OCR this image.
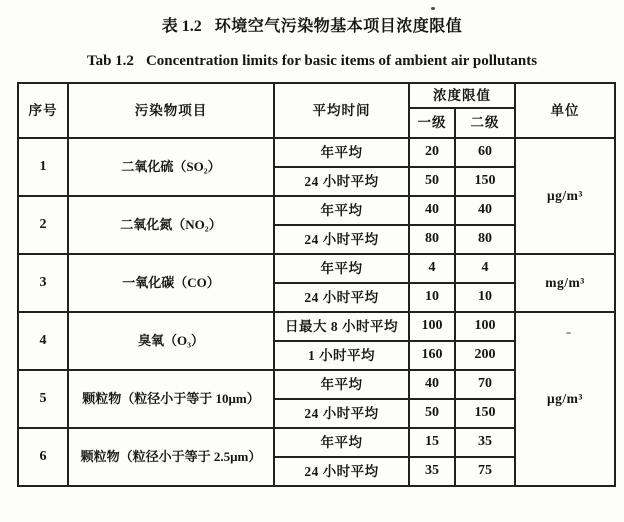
表 1.2 环境空气污染物基本项目浓度限值
Tab 1.2 Concentration limits for basic items of ambient air pollutants
序号	污染物项目	平均时间	浓度限值		单位
			一级	二级	
1	二氧化硫（SO₂）	年平均	20	60	μg/m³
		24 小时平均	50	150	
2	二氧化氮（NO₂）	年平均	40	40	
		24 小时平均	80	80	
3	一氧化碳（CO）	年平均	4	4	mg/m³
		24 小时平均	10	10	
4	臭氧（O₃）	日最大 8 小时平均	100	100	μg/m³
		1 小时平均	160	200	
5	颗粒物（粒径小于等于 10μm）	年平均	40	70	
		24 小时平均	50	150	
6	颗粒物（粒径小于等于 2.5μm）	年平均	15	35	
		24 小时平均	35	75	
